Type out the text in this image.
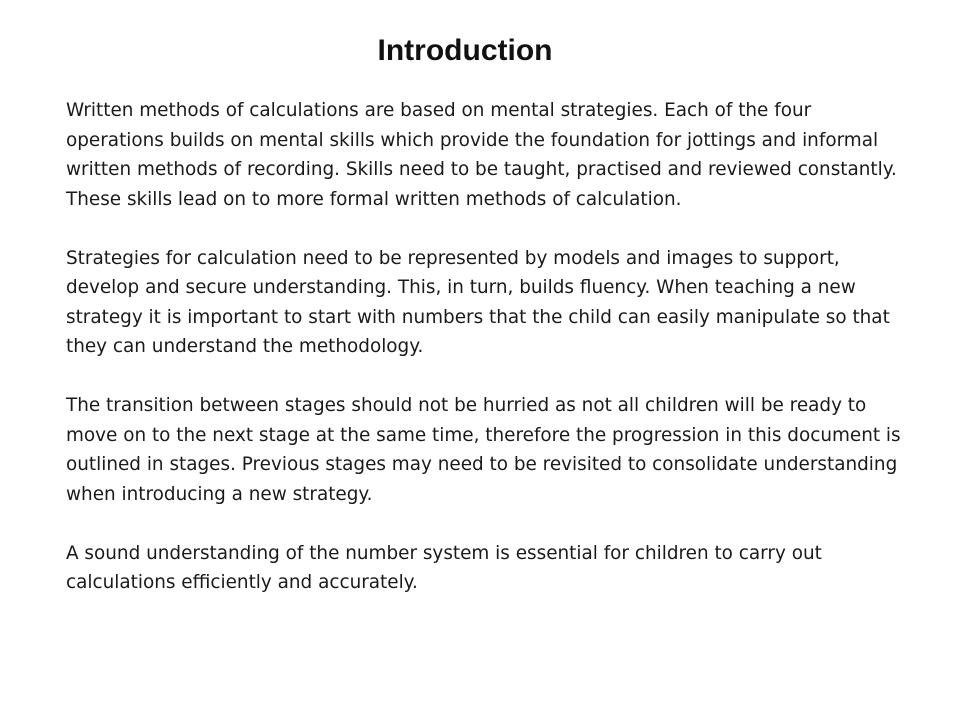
Introduction

Written methods of calculations are based on mental strategies. Each of the four operations builds on mental skills which provide the foundation for jottings and informal written methods of recording. Skills need to be taught, practised and reviewed constantly. These skills lead on to more formal written methods of calculation.

Strategies for calculation need to be represented by models and images to support, develop and secure understanding. This, in turn, builds fluency. When teaching a new strategy it is important to start with numbers that the child can easily manipulate so that they can understand the methodology.

The transition between stages should not be hurried as not all children will be ready to move on to the next stage at the same time, therefore the progression in this document is outlined in stages. Previous stages may need to be revisited to consolidate understanding when introducing a new strategy.

A sound understanding of the number system is essential for children to carry out calculations efficiently and accurately.
